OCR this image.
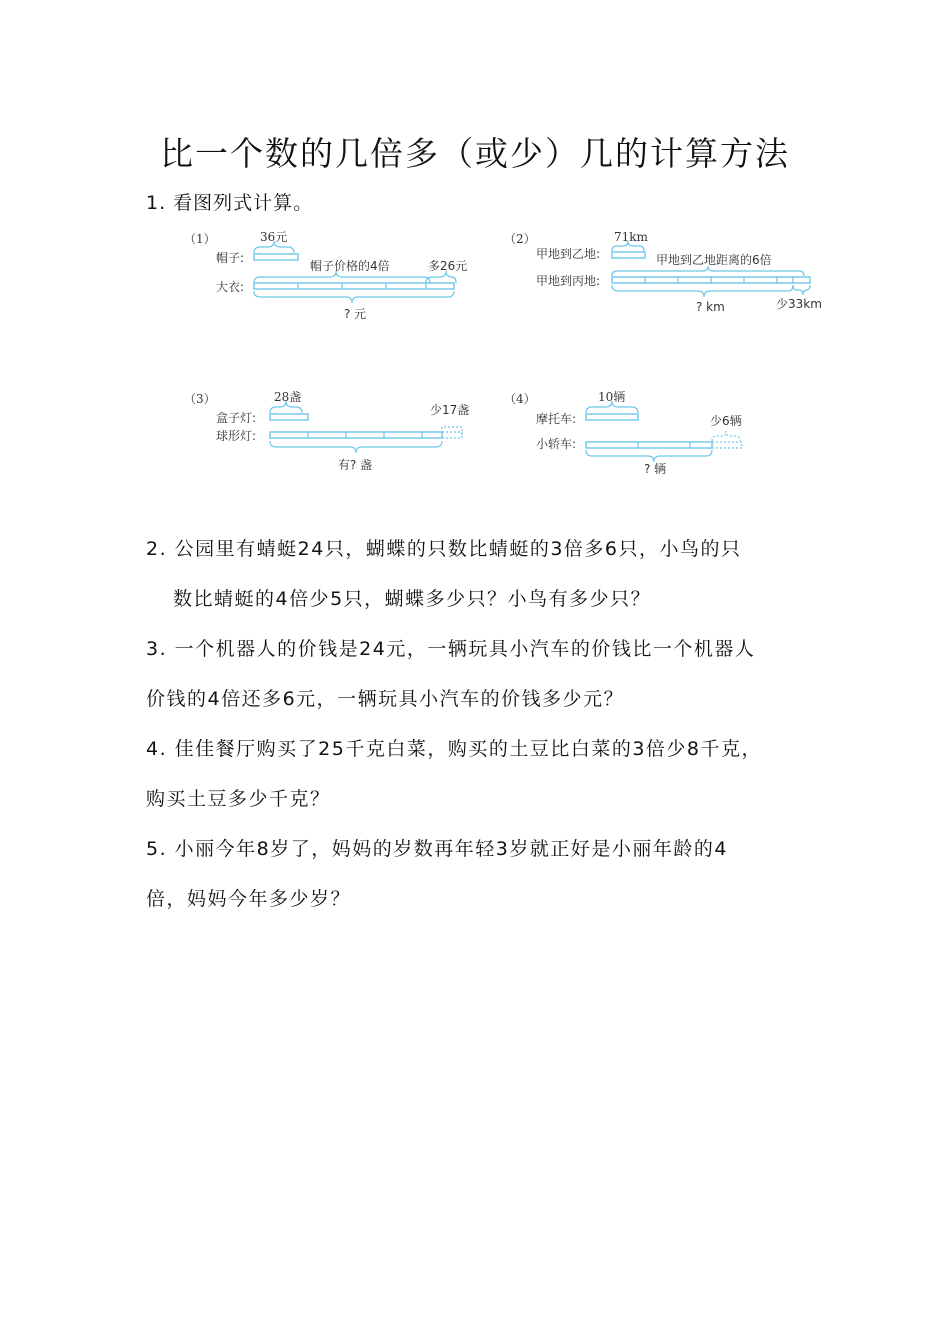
比一个数的几倍多（或少）几的计算方法
1. 看图列式计算。
（1）
帽子:
36元
大衣:
帽子价格的4倍	多26元
? 元
（2）
甲地到乙地:
71km
甲地到乙地距离的6倍
甲地到丙地:
? km	少33km
（3）
盒子灯:
28盏
少17盏
球形灯:
有? 盏
（4）
摩托车:
10辆
少6辆
小轿车:
? 辆
2. 公园里有蜻蜓24只，蝴蝶的只数比蜻蜓的3倍多6只，小鸟的只
数比蜻蜓的4倍少5只，蝴蝶多少只？小鸟有多少只？
3. 一个机器人的价钱是24元，一辆玩具小汽车的价钱比一个机器人
价钱的4倍还多6元，一辆玩具小汽车的价钱多少元？
4. 佳佳餐厅购买了25千克白菜，购买的土豆比白菜的3倍少8千克，
购买土豆多少千克？
5. 小丽今年8岁了，妈妈的岁数再年轻3岁就正好是小丽年龄的4
倍，妈妈今年多少岁？
